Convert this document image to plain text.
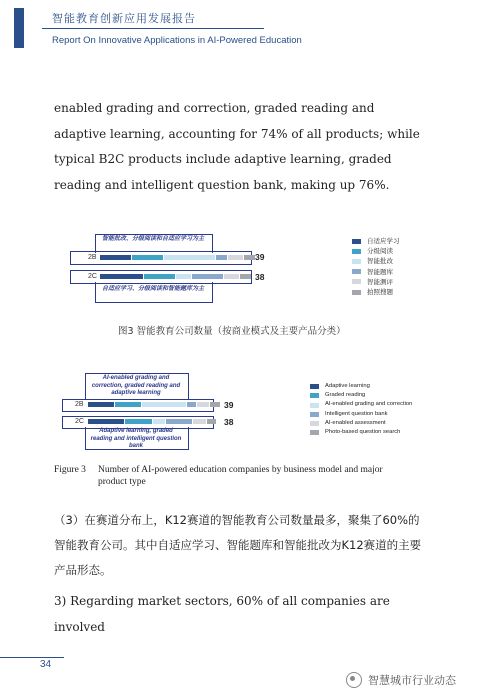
智能教育创新应用发展报告
Report On Innovative Applications in AI-Powered Education
enabled grading and correction, graded reading and adaptive learning, accounting for 74% of all products; while typical B2C products include adaptive learning, graded reading and intelligent question bank, making up 76%.
智能批改、分级阅读和自适应学习为主
2B	39
2C	38
自适应学习、分级阅读和智能题库为主
自适应学习
分级阅读
智能批改
智能题库
智能测评
拍照搜题
图3 智能教育公司数量（按商业模式及主要产品分类）
AI-enabled grading and correction, graded reading and adaptive learning
2B	39
2C	38
Adaptive learning, graded reading and intelligent question bank
Adaptive learning
Graded reading
AI-enabled grading and correction
Intelligent question bank
AI-enabled assessment
Photo-based question search
Figure 3 Number of AI-powered education companies by business model and major
product type
（3）在赛道分布上，K12赛道的智能教育公司数量最多，聚集了60%的智能教育公司。其中自适应学习、智能题库和智能批改为K12赛道的主要产品形态。
3) Regarding market sectors, 60% of all companies are involved
34
智慧城市行业动态
